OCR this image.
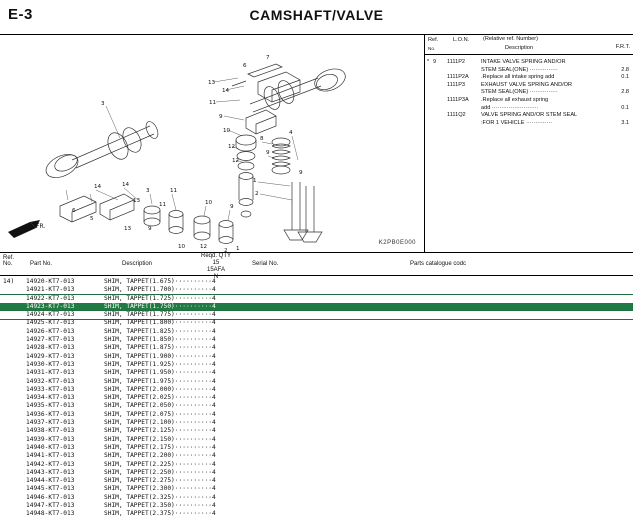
E-3	CAMSHAFT/VALVE
3
6
7
13
14
11
9
10
12
12
8
9
4
1
2
9
14	14
3	11
13
11	10
9
6
5
13	9
10	12
2 1
FR.
K2PB0E000
Ref.
No.
L.O.N. (Relative ref. Number)
Description	F.R.T.
* 9 1111P2	INTAKE VALVE SPRING AND/OR
STEM SEAL(ONE) ···············	2.8
1111P2A .Replace all intake spring add	0.1
1111P3	EXHAUST VALVE SPRING AND/OR
STEM SEAL(ONE) ···············	2.8
1111P3A .Replace all exhaust spring
add ·························	0.1
1111Q2	VALVE SPRING AND/OR STEM SEAL
:FOR 1 VEHICLE ··············	3.1
Ref.
No.	Part No.	Description
Reqd. QTY
15
15AFA
N
Serial No.	Parts catalogue codc
14) 14920-KT7-013	SHIM, TAPPET(1.675)·········· 4
14921-KT7-013	SHIM, TAPPET(1.700)·········· 4
14922-KT7-013	SHIM, TAPPET(1.725)·········· 4
14923-KT7-013	SHIM, TAPPET(1.750)·········· 4
14924-KT7-013	SHIM, TAPPET(1.775)·········· 4
14925-KT7-013	SHIM, TAPPET(1.800)·········· 4
14926-KT7-013	SHIM, TAPPET(1.825)·········· 4
14927-KT7-013	SHIM, TAPPET(1.850)·········· 4
14928-KT7-013	SHIM, TAPPET(1.875)·········· 4
14929-KT7-013	SHIM, TAPPET(1.900)·········· 4
14930-KT7-013	SHIM, TAPPET(1.925)·········· 4
14931-KT7-013	SHIM, TAPPET(1.950)·········· 4
14932-KT7-013	SHIM, TAPPET(1.975)·········· 4
14933-KT7-013	SHIM, TAPPET(2.000)·········· 4
14934-KT7-013	SHIM, TAPPET(2.025)·········· 4
14935-KT7-013	SHIM, TAPPET(2.050)·········· 4
14936-KT7-013	SHIM, TAPPET(2.075)·········· 4
14937-KT7-013	SHIM, TAPPET(2.100)·········· 4
14938-KT7-013	SHIM, TAPPET(2.125)·········· 4
14939-KT7-013	SHIM, TAPPET(2.150)·········· 4
14940-KT7-013	SHIM, TAPPET(2.175)·········· 4
14941-KT7-013	SHIM, TAPPET(2.200)·········· 4
14942-KT7-013	SHIM, TAPPET(2.225)·········· 4
14943-KT7-013	SHIM, TAPPET(2.250)·········· 4
14944-KT7-013	SHIM, TAPPET(2.275)·········· 4
14945-KT7-013	SHIM, TAPPET(2.300)·········· 4
14946-KT7-013	SHIM, TAPPET(2.325)·········· 4
14947-KT7-013	SHIM, TAPPET(2.350)·········· 4
14948-KT7-013	SHIM, TAPPET(2.375)·········· 4
